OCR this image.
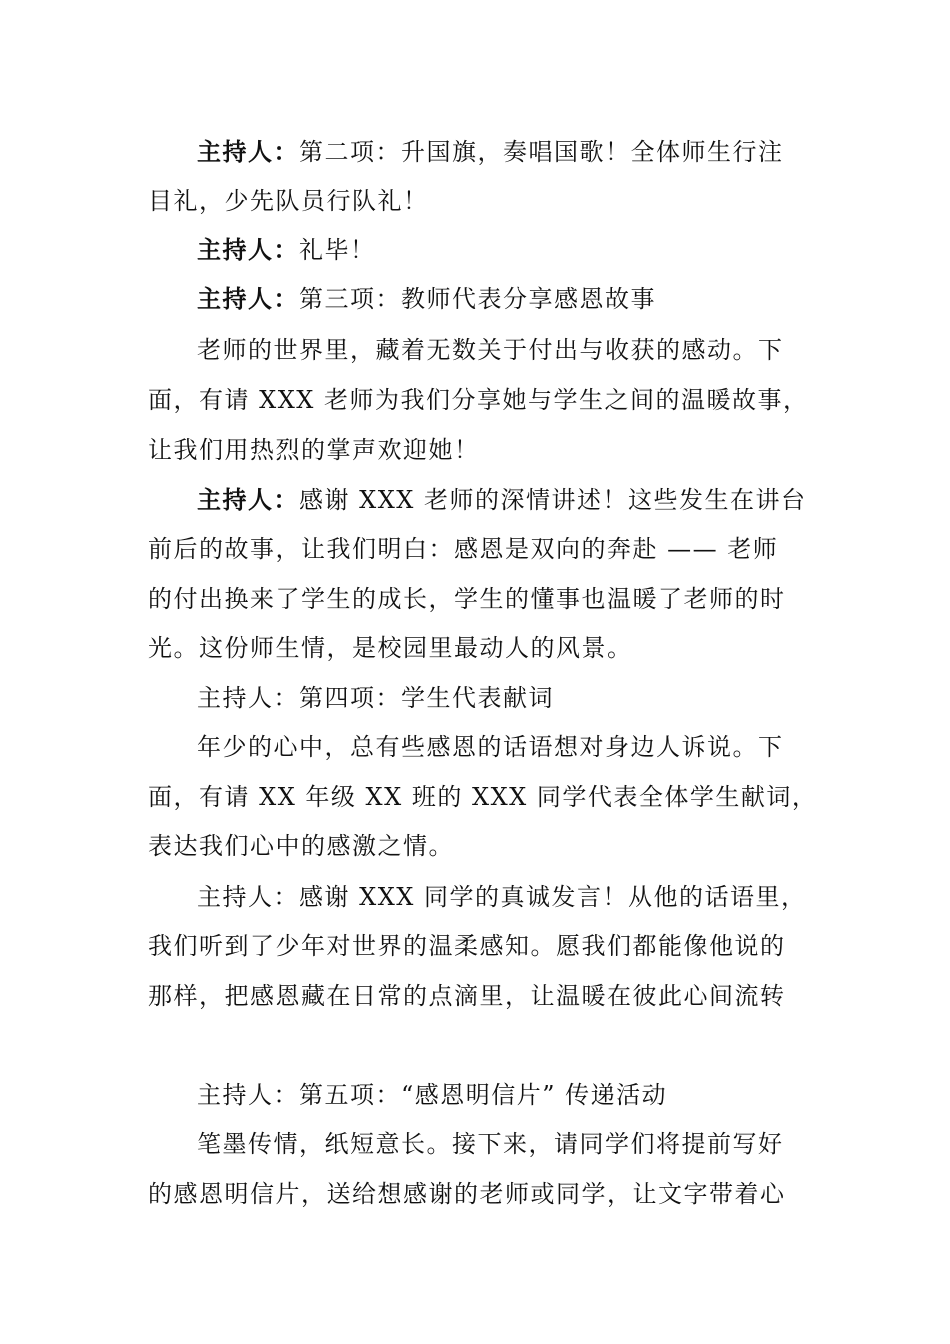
主持人：第二项：升国旗，奏唱国歌！全体师生行注
目礼，少先队员行队礼！
主持人：礼毕！
主持人：第三项：教师代表分享感恩故事
老师的世界里，藏着无数关于付出与收获的感动。下
面，有请 XXX 老师为我们分享她与学生之间的温暖故事，
让我们用热烈的掌声欢迎她！
主持人：感谢 XXX 老师的深情讲述！这些发生在讲台
前后的故事，让我们明白：感恩是双向的奔赴 —— 老师
的付出换来了学生的成长，学生的懂事也温暖了老师的时
光。这份师生情，是校园里最动人的风景。
主持人：第四项：学生代表献词
年少的心中，总有些感恩的话语想对身边人诉说。下
面，有请 XX 年级 XX 班的 XXX 同学代表全体学生献词，
表达我们心中的感激之情。
主持人：感谢 XXX 同学的真诚发言！从他的话语里，
我们听到了少年对世界的温柔感知。愿我们都能像他说的
那样，把感恩藏在日常的点滴里，让温暖在彼此心间流转
主持人：第五项：“感恩明信片” 传递活动
笔墨传情，纸短意长。接下来，请同学们将提前写好
的感恩明信片，送给想感谢的老师或同学，让文字带着心
